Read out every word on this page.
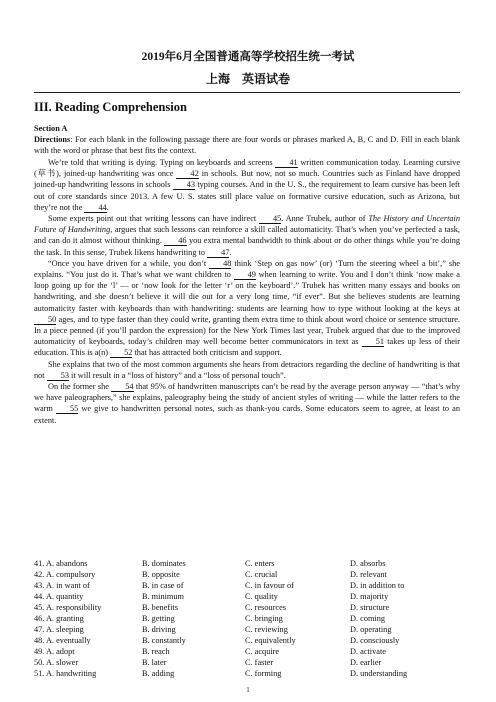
2019年6月全国普通高等学校招生统一考试
上海　英语试卷
III. Reading Comprehension
Section A
Directions: For each blank in the following passage there are four words or phrases marked A, B, C and D. Fill in each blank with the word or phrase that best fits the context.

We’re told that writing is dying. Typing on keyboards and screens 41 written communication today. Learning cursive (草书), joined-up handwriting was once 42 in schools. But now, not so much. Countries such as Finland have dropped joined-up handwriting lessons in schools 43 typing courses. And in the U. S., the requirement to learn cursive has been left out of core standards since 2013. A few U. S. states still place value on formative cursive education, such as Arizona, but they’re not the 44.

Some experts point out that writing lessons can have indirect 45. Anne Trubek, author of The History and Uncertain Future of Handwriting, argues that such lessons can reinforce a skill called automaticity. That’s when you’ve perfected a task, and can do it almost without thinking. 46 you extra mental bandwidth to think about or do other things while you’re doing the task. In this sense, Trubek likens handwriting to 47.

“Once you have driven for a while, you don’t 48 think ‘Step on gas now’ (or) ‘Turn the steering wheel a bit’,” she explains. “You just do it. That’s what we want children to 49 when learning to write. You and I don’t think ‘now make a loop going up for the ‘l’ — or ‘now look for the letter ‘r’ on the keyboard’.” Trubek has written many essays and books on handwriting, and she doesn’t believe it will die out for a very long time, “if ever”. But she believes students are learning automaticity faster with keyboards than with handwriting: students are learning how to type without looking at the keys at 50 ages, and to type faster than they could write, granting them extra time to think about word choice or sentence structure. In a piece penned (if you’ll pardon the expression) for the New York Times last year, Trubek argued that due to the improved automaticity of keyboards, today’s children may well become better communicators in text as 51 takes up less of their education. This is a(n) 52 that has attracted both criticism and support.

She explains that two of the most common arguments she hears from detractors regarding the decline of handwriting is that not 53 it will result in a “loss of history” and a “loss of personal touch”.

On the former she 54 that 95% of handwritten manuscripts can’t be read by the average person anyway — “that’s why we have paleographers,” she explains, paleography being the study of ancient styles of writing — while the latter refers to the warm 55 we give to handwritten personal notes, such as thank-you cards. Some educators seem to agree, at least to an extent.

41. A. abandons	B. dominates	C. enters	D. absorbs
42. A. compulsory	B. opposite	C. crucial	D. relevant
43. A. in want of	B. in case of	C. in favour of	D. in addition to
44. A. quantity	B. minimum	C. quality	D. majority
45. A. responsibility	B. benefits	C. resources	D. structure
46. A. granting	B. getting	C. bringing	D. coming
47. A. sleeping	B. driving	C. reviewing	D. operating
48. A. eventually	B. constantly	C. equivalently	D. consciously
49. A. adopt	B. reach	C. acquire	D. activate
50. A. slower	B. later	C. faster	D. earlier
51. A. handwriting	B. adding	C. forming	D. understanding
1
